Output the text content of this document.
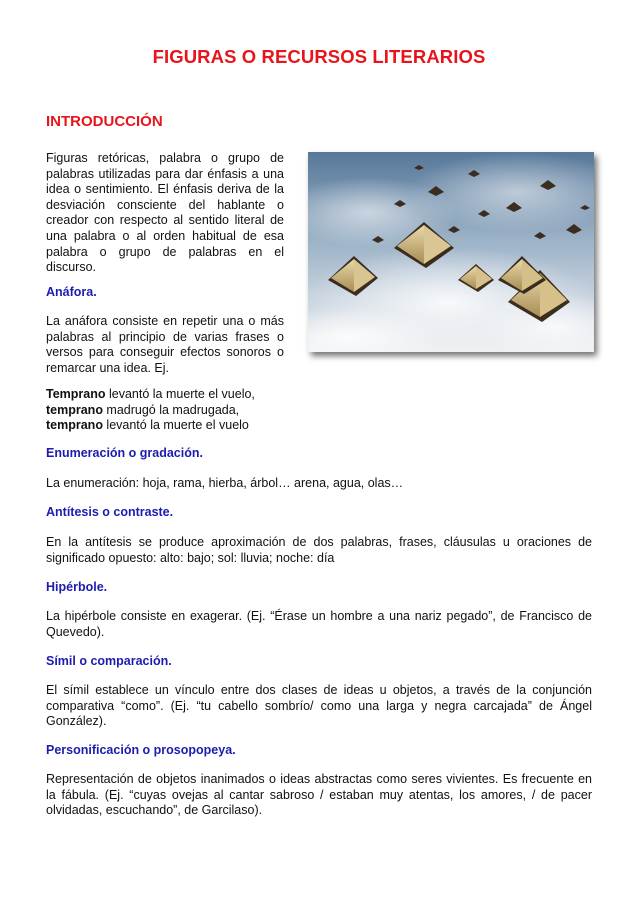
FIGURAS O RECURSOS LITERARIOS
INTRODUCCIÓN
Figuras retóricas, palabra o grupo de palabras utilizadas para dar énfasis a una idea o sentimiento. El énfasis deriva de la desviación consciente del hablante o creador con respecto al sentido literal de una palabra o al orden habitual de esa palabra o grupo de palabras en el discurso.
Anáfora.
La anáfora consiste en repetir una o más palabras al principio de varias frases o versos para conseguir efectos sonoros o remarcar una idea. Ej.
Temprano levantó la muerte el vuelo,
temprano madrugó la madrugada,
temprano levantó la muerte el vuelo
Enumeración o gradación.
La enumeración: hoja, rama, hierba, árbol… arena, agua, olas…
Antítesis o contraste.
En la antítesis se produce aproximación de dos palabras, frases, cláusulas u oraciones de significado opuesto: alto: bajo; sol: lluvia; noche: día
Hipérbole.
La hipérbole consiste en exagerar. (Ej. “Érase un hombre a una nariz pegado”, de Francisco de Quevedo).
Símil o comparación.
El símil establece un vínculo entre dos clases de ideas u objetos, a través de la conjunción comparativa “como”. (Ej. “tu cabello sombrío/ como una larga y negra carcajada” de Ángel González).
Personificación o prosopopeya.
Representación de objetos inanimados o ideas abstractas como seres vivientes. Es frecuente en la fábula. (Ej. “cuyas ovejas al cantar sabroso / estaban muy atentas, los amores, / de pacer olvidadas, escuchando”, de Garcilaso).
